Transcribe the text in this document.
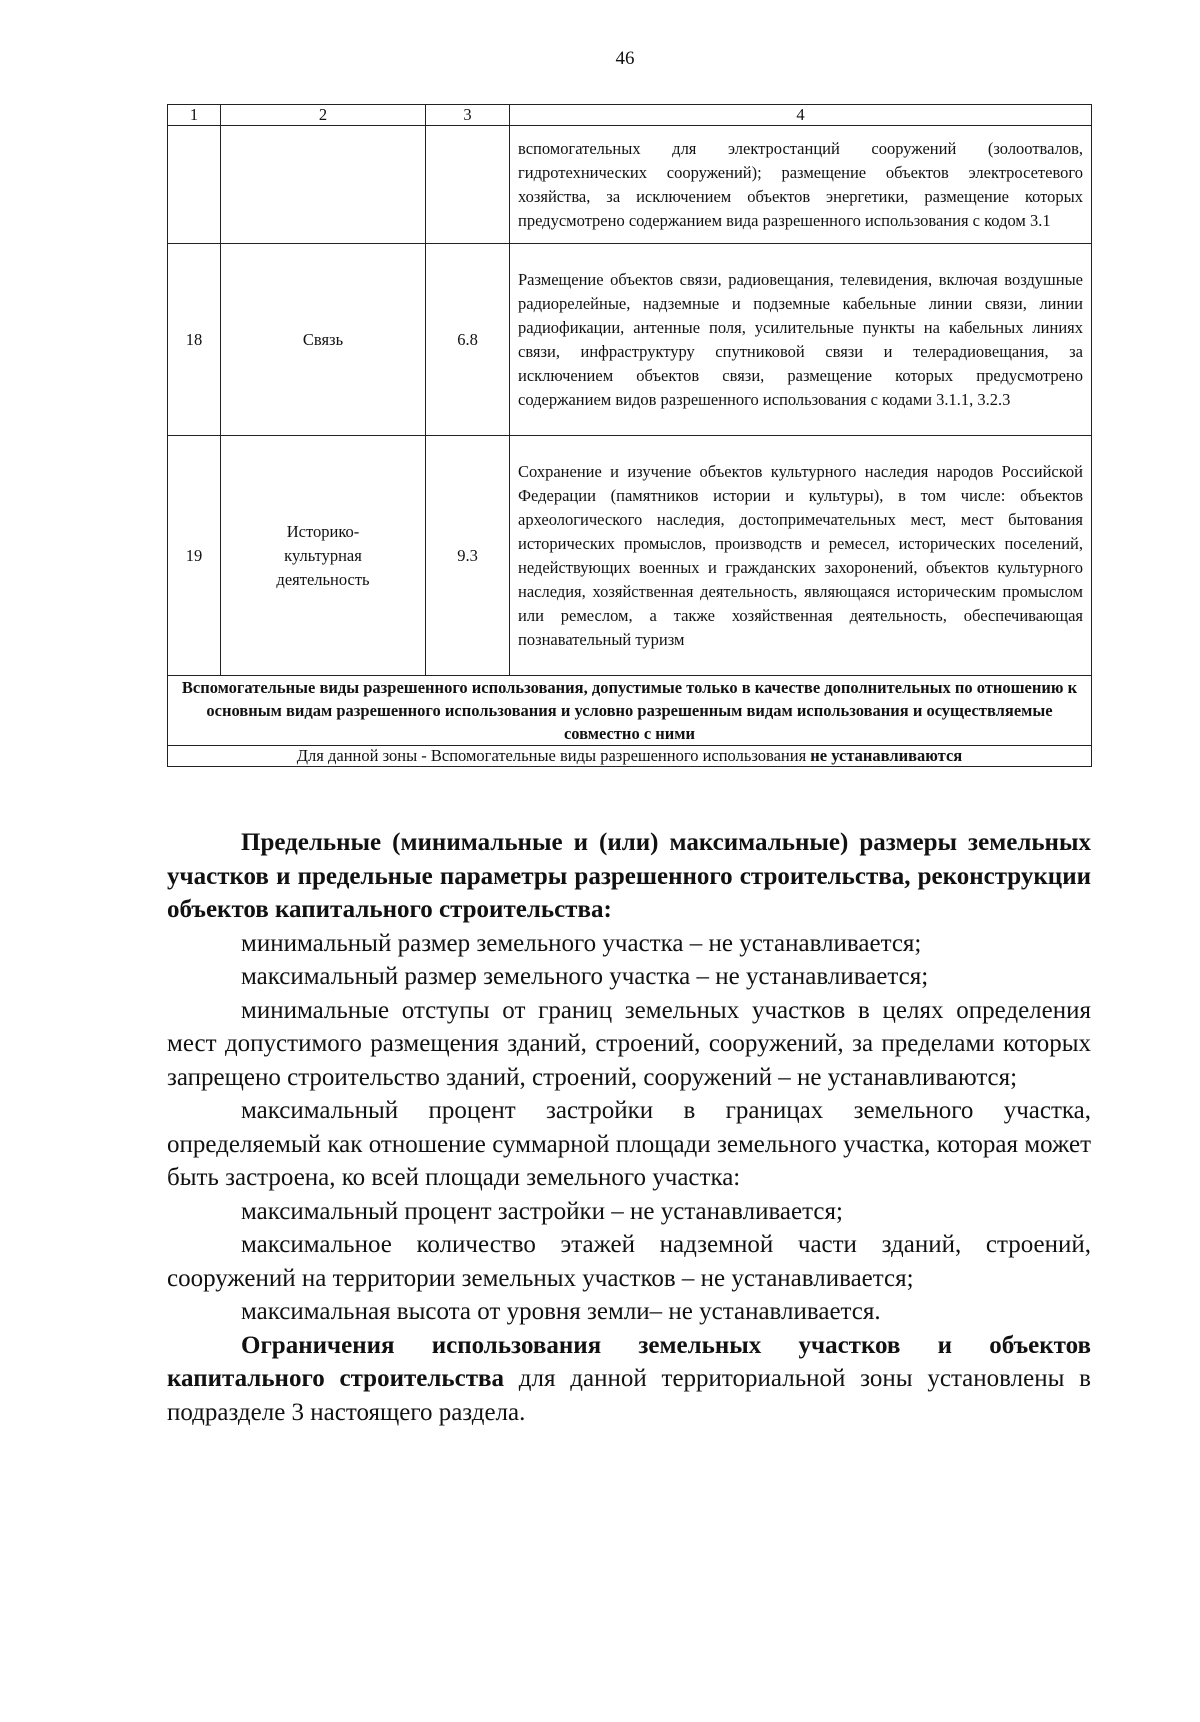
46
1	2	3	4
			вспомогательных для электростанций сооружений (золоотвалов, гидротехнических сооружений); размещение объектов электросетевого хозяйства, за исключением объектов энергетики, размещение которых предусмотрено содержанием вида разрешенного использования с кодом 3.1
18	Связь	6.8	Размещение объектов связи, радиовещания, телевидения, включая воздушные радиорелейные, надземные и подземные кабельные линии связи, линии радиофикации, антенные поля, усилительные пункты на кабельных линиях связи, инфраструктуру спутниковой связи и телерадиовещания, за исключением объектов связи, размещение которых предусмотрено содержанием видов разрешенного использования с кодами 3.1.1, 3.2.3
19	Историко-культурная деятельность	9.3	Сохранение и изучение объектов культурного наследия народов Российской Федерации (памятников истории и культуры), в том числе: объектов археологического наследия, достопримечательных мест, мест бытования исторических промыслов, производств и ремесел, исторических поселений, недействующих военных и гражданских захоронений, объектов культурного наследия, хозяйственная деятельность, являющаяся историческим промыслом или ремеслом, а также хозяйственная деятельность, обеспечивающая познавательный туризм
Вспомогательные виды разрешенного использования, допустимые только в качестве дополнительных по отношению к основным видам разрешенного использования и условно разрешенным видам использования и осуществляемые совместно с ними			
Для данной зоны - Вспомогательные виды разрешенного использования не устанавливаются			

Предельные (минимальные и (или) максимальные) размеры земельных участков и предельные параметры разрешенного строительства, реконструкции объектов капитального строительства:

минимальный размер земельного участка – не устанавливается;

максимальный размер земельного участка – не устанавливается;

минимальные отступы от границ земельных участков в целях определения мест допустимого размещения зданий, строений, сооружений, за пределами которых запрещено строительство зданий, строений, сооружений – не устанавливаются;

максимальный процент застройки в границах земельного участка, определяемый как отношение суммарной площади земельного участка, которая может быть застроена, ко всей площади земельного участка:

максимальный процент застройки – не устанавливается;

максимальное количество этажей надземной части зданий, строений, сооружений на территории земельных участков – не устанавливается;

максимальная высота от уровня земли– не устанавливается.

Ограничения использования земельных участков и объектов капитального строительства для данной территориальной зоны установлены в подразделе 3 настоящего раздела.
